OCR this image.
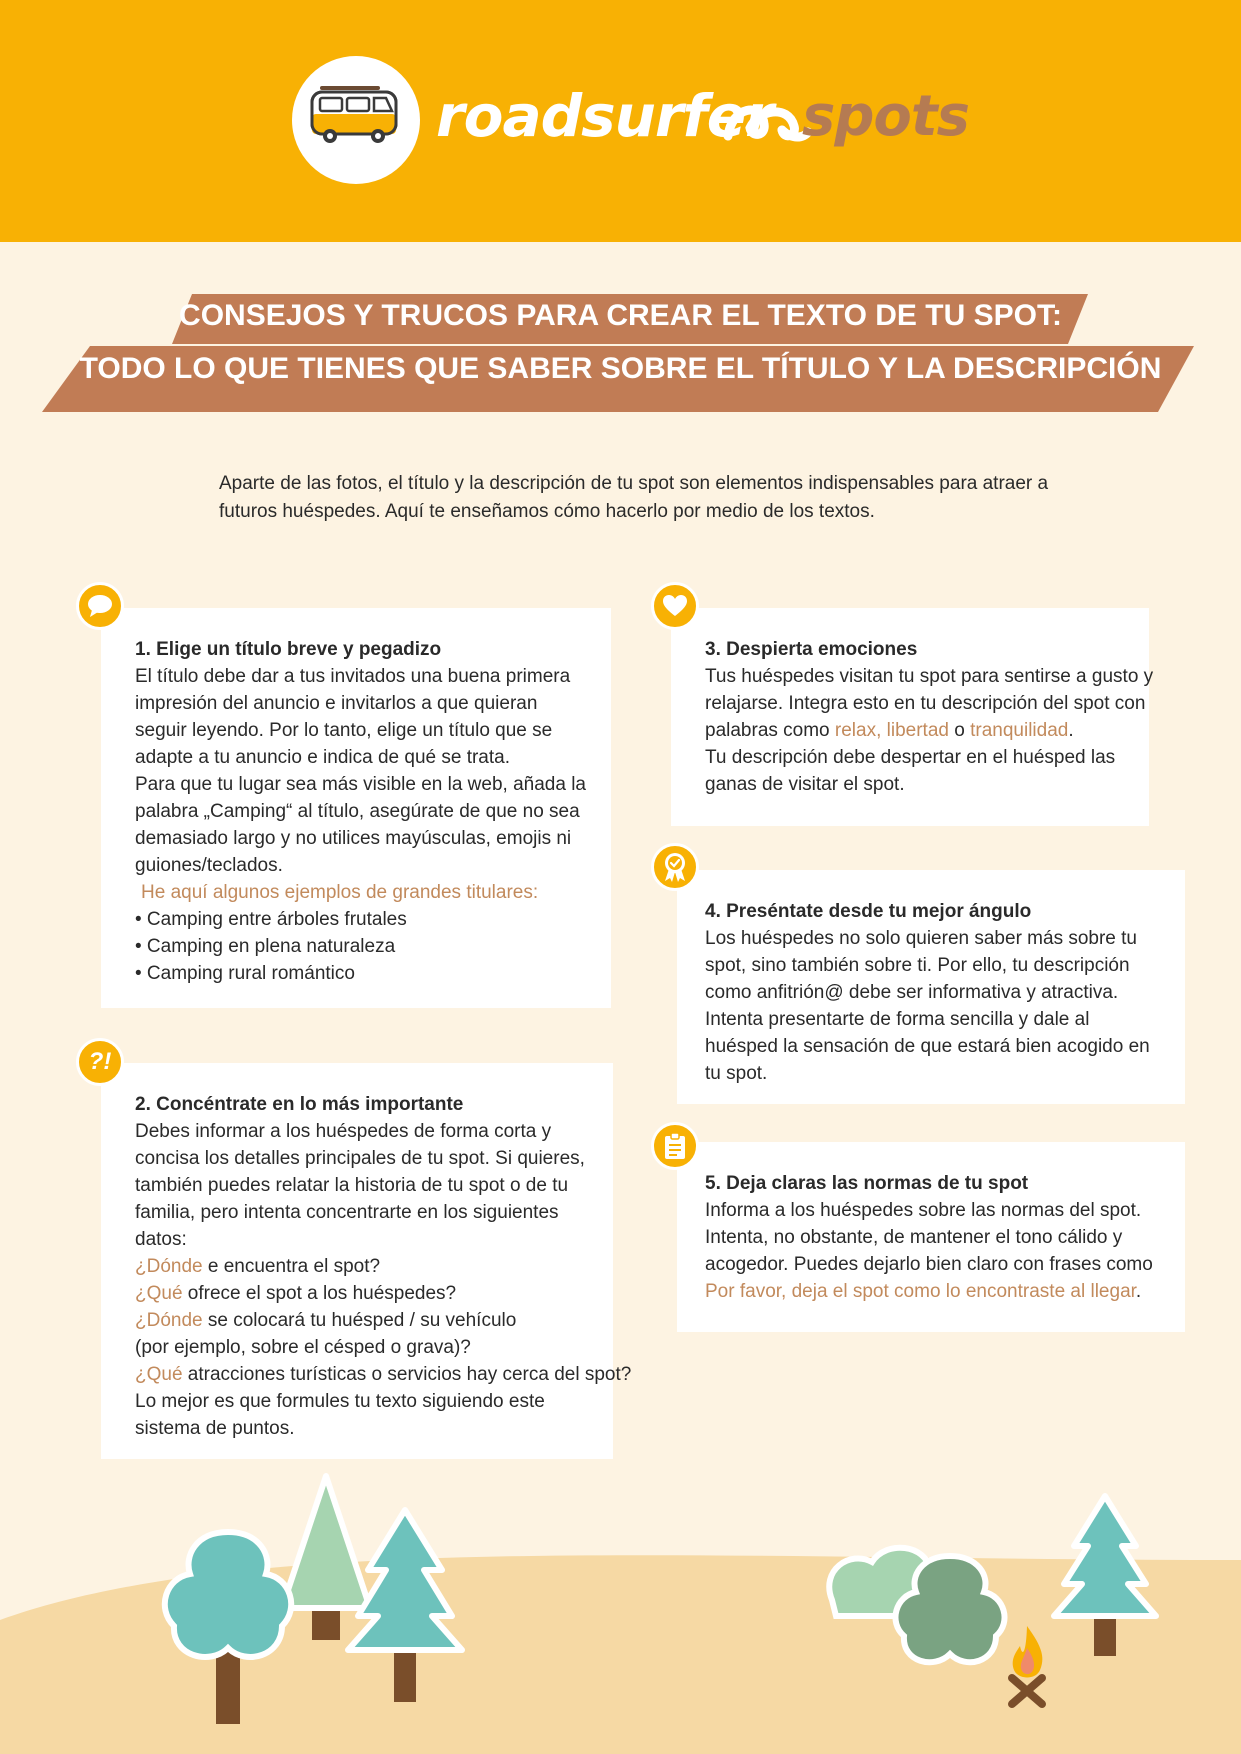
roadsurfer spots
CONSEJOS Y TRUCOS PARA CREAR EL TEXTO DE TU SPOT:
TODO LO QUE TIENES QUE SABER SOBRE EL TÍTULO Y LA DESCRIPCIÓN
Aparte de las fotos, el título y la descripción de tu spot son elementos indispensables para atraer a
futuros huéspedes. Aquí te enseñamos cómo hacerlo por medio de los textos.
1. Elige un título breve y pegadizo
El título debe dar a tus invitados una buena primera
impresión del anuncio e invitarlos a que quieran
seguir leyendo. Por lo tanto, elige un título que se
adapte a tu anuncio e indica de qué se trata.
Para que tu lugar sea más visible en la web, añada la
palabra „Camping“ al título, asegúrate de que no sea
demasiado largo y no utilices mayúsculas, emojis ni
guiones/teclados.
He aquí algunos ejemplos de grandes titulares:
• Camping entre árboles frutales
• Camping en plena naturaleza
• Camping rural romántico
2. Concéntrate en lo más importante
Debes informar a los huéspedes de forma corta y
concisa los detalles principales de tu spot. Si quieres,
también puedes relatar la historia de tu spot o de tu
familia, pero intenta concentrarte en los siguientes
datos:
¿Dónde e encuentra el spot?
¿Qué ofrece el spot a los huéspedes?
¿Dónde se colocará tu huésped / su vehículo
(por ejemplo, sobre el césped o grava)?
¿Qué atracciones turísticas o servicios hay cerca del spot?
Lo mejor es que formules tu texto siguiendo este
sistema de puntos.
?!
3. Despierta emociones
Tus huéspedes visitan tu spot para sentirse a gusto y
relajarse. Integra esto en tu descripción del spot con
palabras como relax, libertad o tranquilidad.
Tu descripción debe despertar en el huésped las
ganas de visitar el spot.
4. Preséntate desde tu mejor ángulo
Los huéspedes no solo quieren saber más sobre tu
spot, sino también sobre ti. Por ello, tu descripción
como anfitrión@ debe ser informativa y atractiva.
Intenta presentarte de forma sencilla y dale al
huésped la sensación de que estará bien acogido en
tu spot.
5. Deja claras las normas de tu spot
Informa a los huéspedes sobre las normas del spot.
Intenta, no obstante, de mantener el tono cálido y
acogedor. Puedes dejarlo bien claro con frases como
Por favor, deja el spot como lo encontraste al llegar.
